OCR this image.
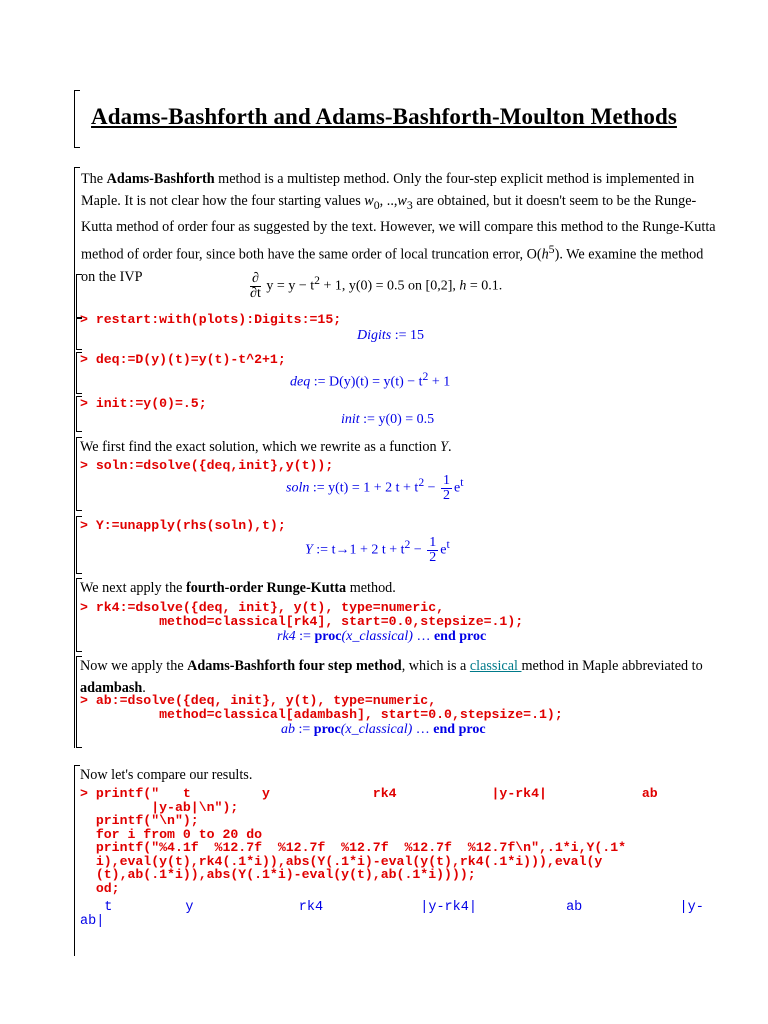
Adams-Bashforth and Adams-Bashforth-Moulton Methods
The Adams-Bashforth method is a multistep method. Only the four-step explicit method is implemented in Maple. It is not clear how the four starting values $w_0$, $..,w_3$ are obtained, but it doesn't seem to be the Runge-Kutta method of order four as suggested by the text. However, we will compare this method to the Runge-Kutta method of order four, since both have the same order of local truncation error, $O(h^5)$. We examine the method on the IVP	$\frac{\partial}{\partial t}$ $y = y - t^2 + 1$, y(0) = 0.5 on [0,2], h = 0.1.
> restart:with(plots):Digits:=15;
Digits := 15
> deq:=D(y)(t)=y(t)-t^2+1;
deq := $D(y)(t) = y(t) - t^2 + 1$
> init:=y(0)=.5;
init := y(0) = 0.5
We first find the exact solution, which we rewrite as a function Y.
> soln:=dsolve({deq,init},y(t));
soln := y(t) = 1 + 2 $t + t^2 - \frac{1}{2} e^t$
> Y:=unapply(rhs(soln),t);
Y := t→1 + 2 $t + t^2 - \frac{1}{2} e^t$
We next apply the fourth-order Runge-Kutta method.
> rk4:=dsolve({deq, init}, y(t), type=numeric,
method=classical[rk4], start=0.0,stepsize=.1);
rk4 := proc(x_classical) … end proc
Now we apply the Adams-Bashforth four step method, which is a classical method in Maple abbreviated to adambash.
> ab:=dsolve({deq, init}, y(t), type=numeric,
method=classical[adambash], start=0.0,stepsize=.1);
ab := proc(x_classical) … end proc
Now let's compare our results.
> printf("   t         y             rk4            |y-rk4|            ab
|y-ab|\n");
printf("\n");
for i from 0 to 20 do
printf("%4.1f  %12.7f  %12.7f  %12.7f  %12.7f  %12.7f\n",.1*i,Y(.1*
i),eval(y(t),rk4(.1*i)),abs(Y(.1*i)-eval(y(t),rk4(.1*i))),eval(y
(t),ab(.1*i)),abs(Y(.1*i)-eval(y(t),ab(.1*i))));
od;
t         y             rk4            |y-rk4|           ab            |y-
ab|
